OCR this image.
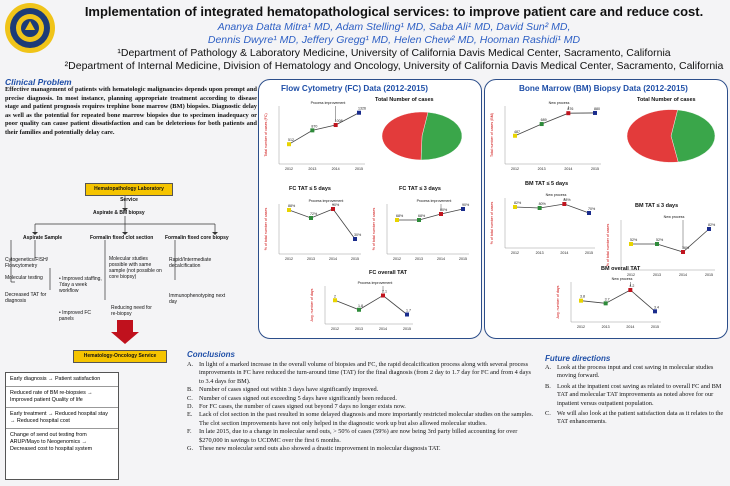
Implementation of integrated hematopathological services: to improve patient care and reduce cost.
Ananya Datta Mitra¹ MD, Adam Stelling¹ MD, Saba Ali¹ MD, David Sun² MD,
Dennis Dwyre¹ MD, Jeffery Gregg¹ MD, Helen Chew² MD, Hooman Rashidi¹ MD
¹Department of Pathology & Laboratory Medicine, University of California Davis Medical Center, Sacramento, California
²Department of Internal Medicine, Division of Hematology and Oncology, University of California Davis Medical Center, Sacramento, California
Clinical Problem
Effective management of patients with hematologic malignancies depends upon prompt and precise diagnosis. In most instance, planning appropriate treatment according to disease stage and patient prognosis requires trephine bone marrow (BM) biopsies. Diagnostic delay as well as the potential for repeated bone marrow biopsies due to specimen inadequacy or poor quality can cause patient dissatisfaction and can be deleterious for both patients and their families and potentially delay care.
Hematopathology Laboratory Service
Aspirate & BM biopsy
Aspirate Sample	Formalin fixed clot section Formalin fixed core biopsy
Cytogenetics/FISH/ Flowcytometry
Molecular testing
Decreased TAT for diagnosis
• Improved staffing, 7day a week workflow
• Improved FC panels
Molecular studies possible with same sample (not possible on core biopsy)
Reducing need for re-biopsy
Rapid/Intermediate decalcification
Immunophenotyping next day
Hematology-Oncology Service
Early diagnosis → Patient satisfaction
Reduced rate of BM re-biopsies → Improved patient Quality of life
Early treatment → Reduced hospital stay → Reduced hospital cost
Change of send out testing from ARUP/Mayo to Neogenomics → Decreased cost to hospital system
Flow Cytometry (FC) Data (2012-2015)
Total Number of cases
Total number of cases (FC)	512
2012
870
2013
1008
2014
1326
2015
Process improvement
FC TAT ≤ 5 days	FC TAT ≤ 3 days
% of total number of cases
88%
2012
72%
2013
90%
2014
30%
2015
Process improvement
% of total number of cases	68%
2012
68%
2013
80%
2014
90%
2015
Process improvement
FC overall TAT
Avg. number of days	2
2012
1.8
2013
2.1
2014
1.7
2015
Process improvement
Bone Marrow (BM) Biopsy Data (2012-2015)
Total Number of cases
Total number of cases (BM)	487
2012
689
2013
876
2014
880
2015
New process
BM TAT ≤ 5 days
BM TAT ≤ 3 days
% of total number of cases	82%
2012
80%
2013
88%
2014
70%
2015
New process
% of total number of cases	52%
2012
52%
2013
36%
2014
82%
2015
New process
BM overall TAT
Avg. number of days	3.8
2012
3.7
2013
4.2
2014
3.4
2015
New process
Conclusions
A. In light of a marked increase in the overall volume of biopsies and FC, the rapid decalcification process along with several process improvements in FC have reduced the turn-around time (TAT) for the final diagnosis (from 2 day to 1.7 day for FC and from 4 days to 3.4 days for BM).
B. Number of cases signed out within 3 days have significantly improved.
C. Number of cases signed out exceeding 5 days have significantly been reduced.
D. For FC cases, the number of cases signed out beyond 7 days no longer exists now.
E. Lack of clot section in the past resulted in some delayed diagnosis and more importantly restricted molecular studies on the samples. The clot section improvements have not only helped in the diagnostic work up but also allowed molecular studies.
F. In late 2015, due to a change in molecular send outs, > 50% of cases (59%) are now being 3rd party billed accounting for over $270,000 in savings to UCDMC over the first 6 months.
G. These new molecular send outs also showed a drastic improvement in molecular diagnosis TAT.
Future directions
A. Look at the process input and cost saving in molecular studies moving forward.
B. Look at the inpatient cost saving as related to overall FC and BM TAT and molecular TAT improvements as noted above for our inpatient versus outpatient population.
C. We will also look at the patient satisfaction data as it relates to the TAT enhancements.
